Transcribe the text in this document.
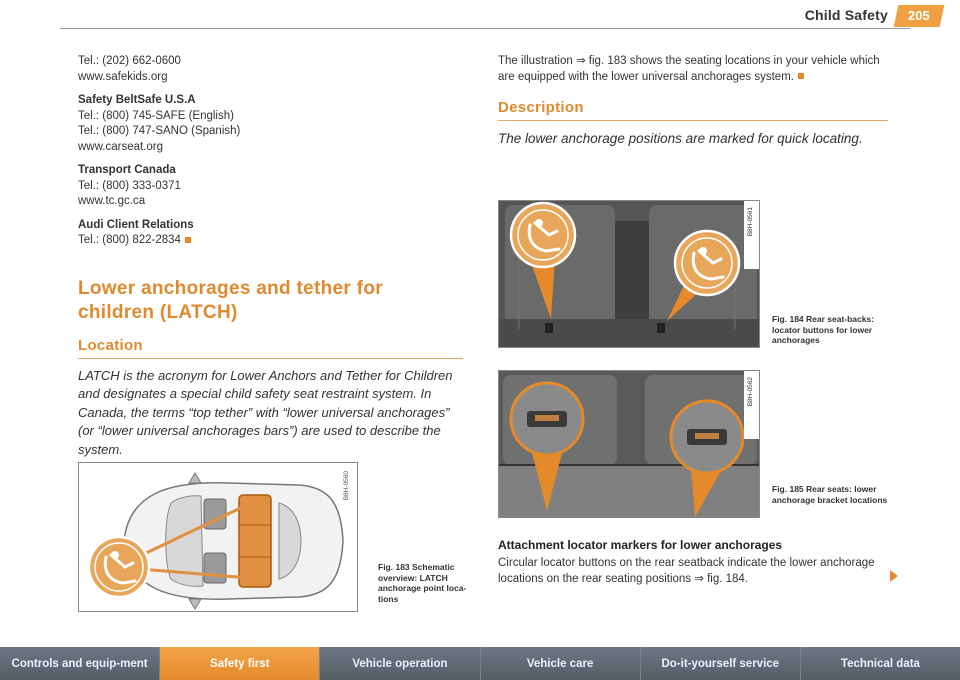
Child Safety	205

Tel.: (202) 662-0600

www.safekids.org

Safety BeltSafe U.S.A

Tel.: (800) 745-SAFE (English)

Tel.: (800) 747-SANO (Spanish)

www.carseat.org

Transport Canada

Tel.: (800) 333-0371

www.tc.gc.ca

Audi Client Relations

Tel.: (800) 822-2834

Lower anchorages and tether for children (LATCH)
Location

LATCH is the acronym for Lower Anchors and Tether for Children and designates a special child safety seat restraint system. In Canada, the terms “top tether” with “lower universal anchorages” (or “lower universal anchorages bars”) are used to describe the system.

B8H-0560
Fig. 183 Schematic overview: LATCH anchorage point loca-tions

The illustration ⇒ fig. 183 shows the seating locations in your vehicle which are equipped with the lower universal anchorages system.

Description

The lower anchorage positions are marked for quick locating.

B8H-0561
Fig. 184 Rear seat-backs: locator buttons for lower anchorages
B8H-0562
Fig. 185 Rear seats: lower anchorage bracket locations
Attachment locator markers for lower anchorages

Circular locator buttons on the rear seatback indicate the lower anchorage locations on the rear seating positions ⇒ fig. 184.

Controls and equip-ment	Safety first	Vehicle operation	Vehicle care	Do-it-yourself service	Technical data
